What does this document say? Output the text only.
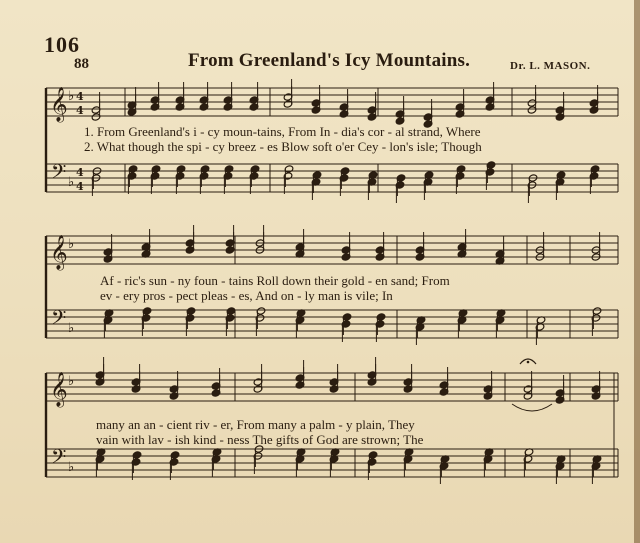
𝄞
𝄢
♭
♭
4
4
4
4
𝄞
𝄢
♭
♭
𝄞
𝄢
♭
♭
106
88	From Greenland's Icy Mountains.	Dr. L. MASON.
1. From Greenland's i - cy moun-tains, From In - dia's cor - al strand, Where
2. What though the spi - cy breez - es Blow soft o'er Cey - lon's isle; Though
Af - ric's sun - ny foun - tains Roll down their gold - en sand; From
ev - ery pros - pect pleas - es, And on - ly man is vile; In
many an an - cient riv - er, From many a palm - y plain, They
vain with lav - ish kind - ness The gifts of God are strown; The
